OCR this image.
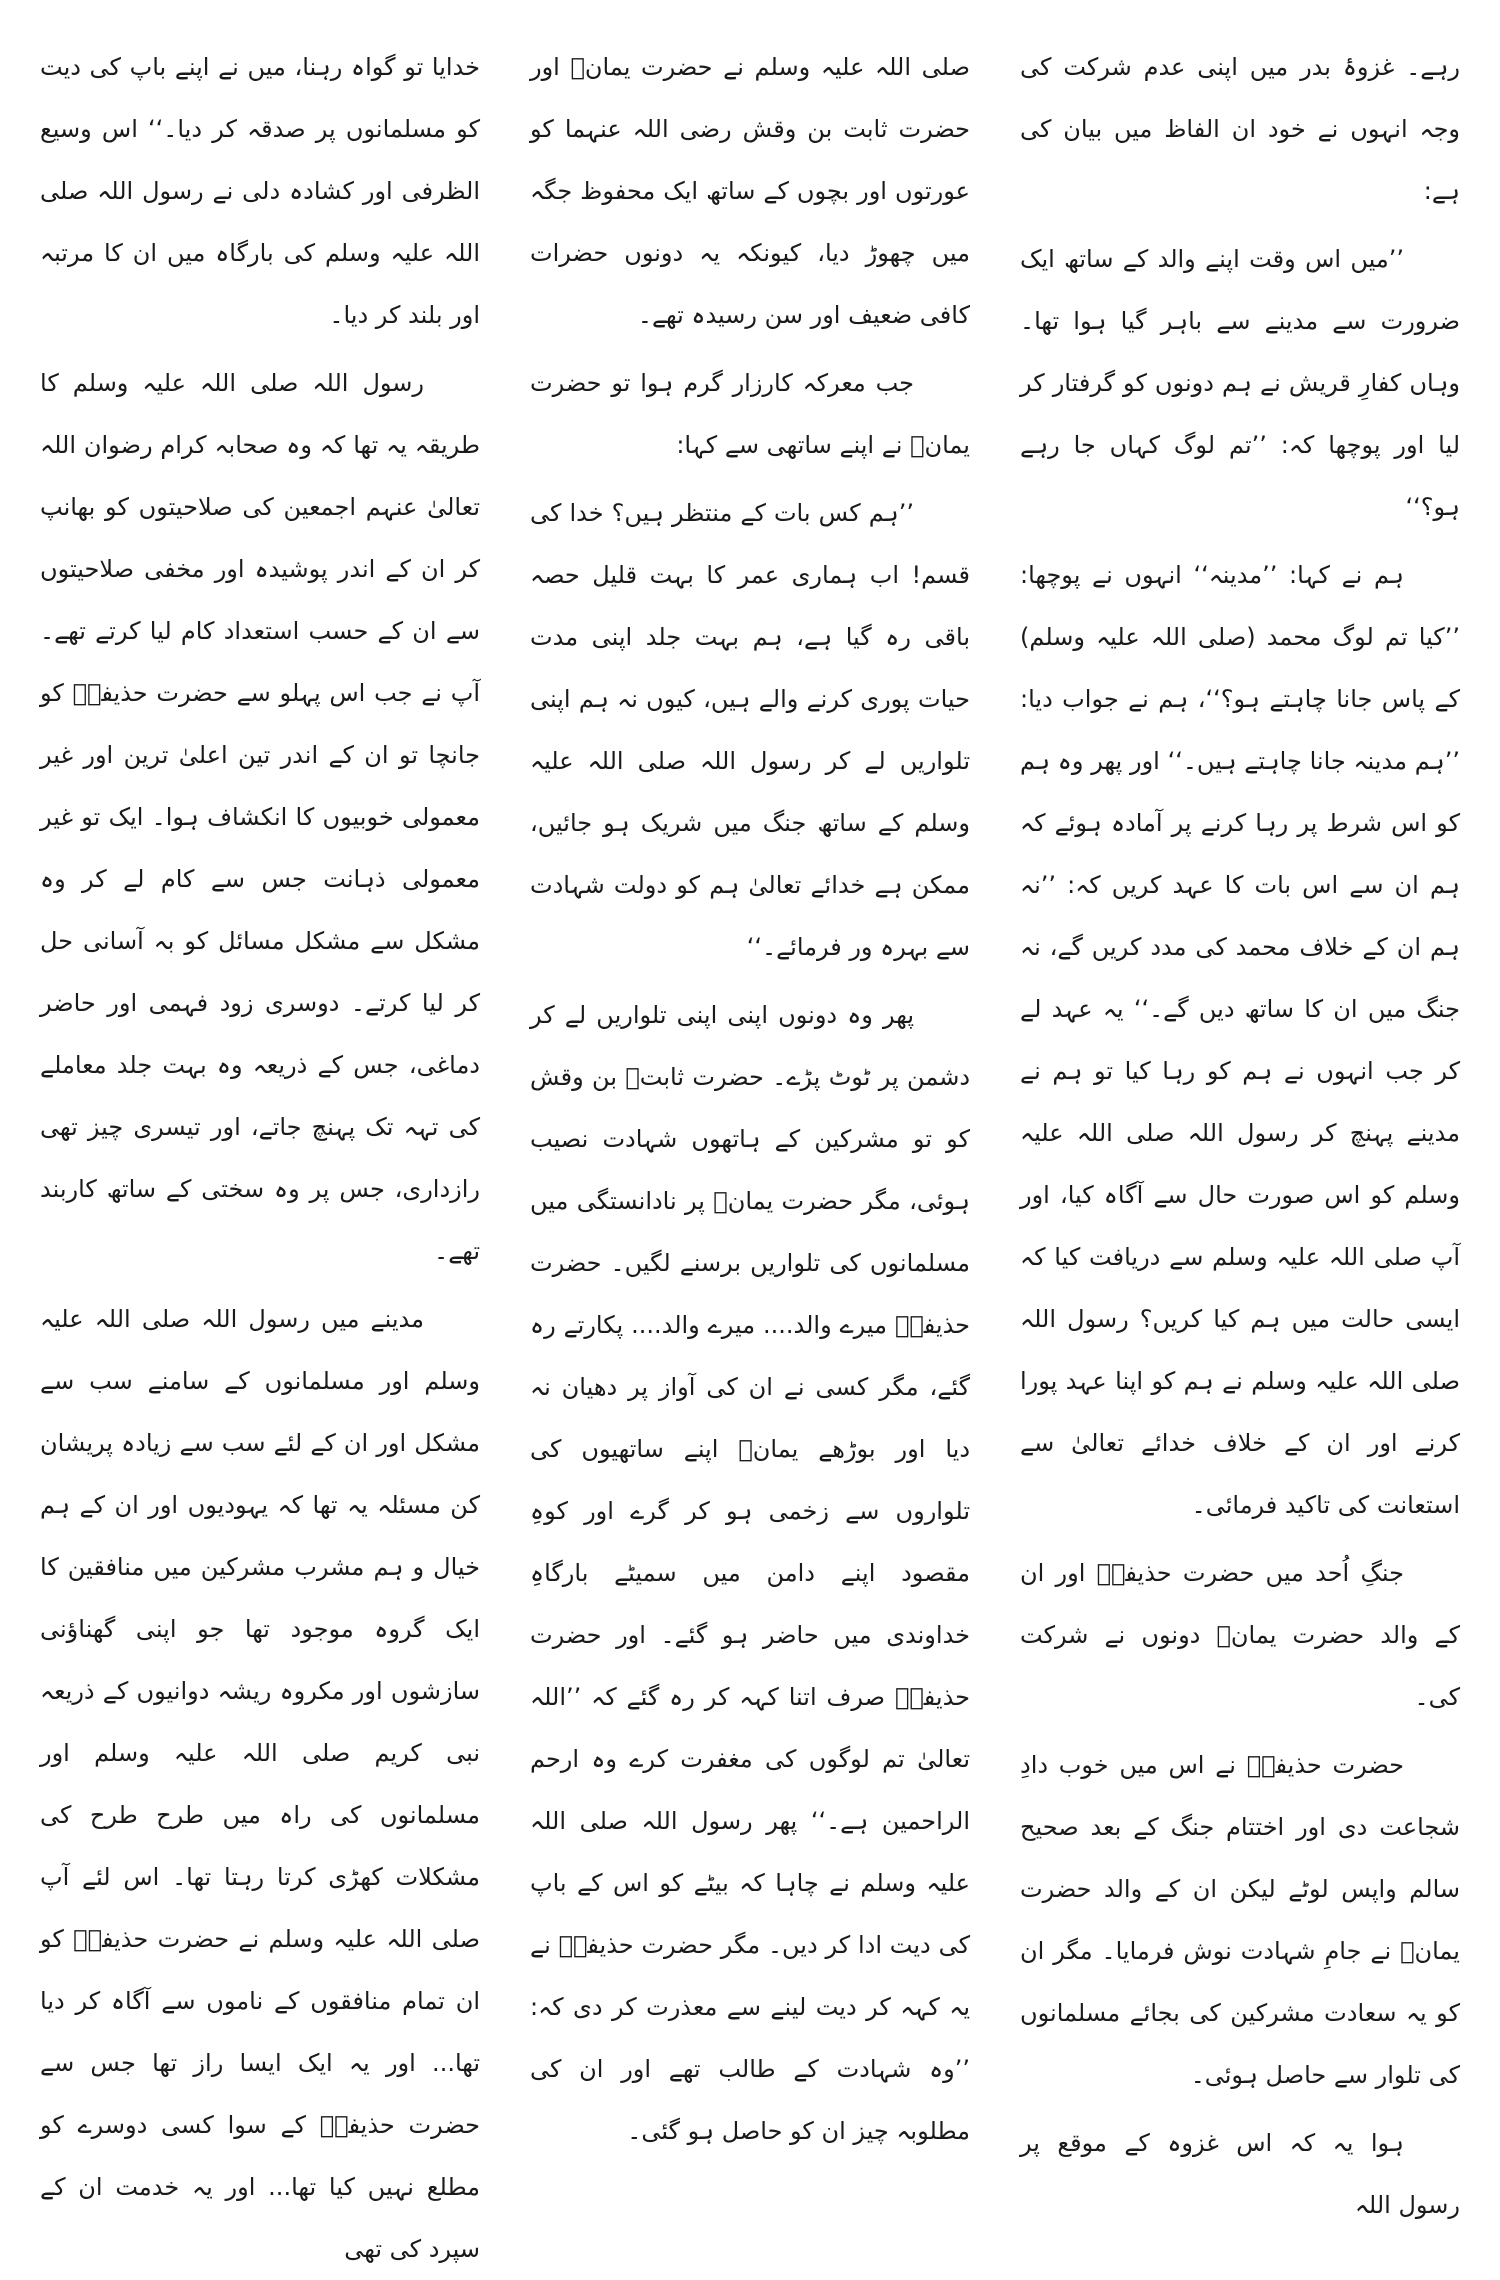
رہے۔ غزوۂ بدر میں اپنی عدم شرکت کی وجہ انہوں نے خود ان الفاظ میں بیان کی ہے:

’’میں اس وقت اپنے والد کے ساتھ ایک ضرورت سے مدینے سے باہر گیا ہوا تھا۔ وہاں کفارِ قریش نے ہم دونوں کو گرفتار کر لیا اور پوچھا کہ: ’’تم لوگ کہاں جا رہے ہو؟‘‘

ہم نے کہا: ’’مدینہ‘‘ انہوں نے پوچھا: ’’کیا تم لوگ محمد (صلی اللہ علیہ وسلم) کے پاس جانا چاہتے ہو؟‘‘، ہم نے جواب دیا: ’’ہم مدینہ جانا چاہتے ہیں۔‘‘ اور پھر وہ ہم کو اس شرط پر رہا کرنے پر آمادہ ہوئے کہ ہم ان سے اس بات کا عہد کریں کہ: ’’نہ ہم ان کے خلاف محمد کی مدد کریں گے، نہ جنگ میں ان کا ساتھ دیں گے۔‘‘ یہ عہد لے کر جب انہوں نے ہم کو رہا کیا تو ہم نے مدینے پہنچ کر رسول اللہ صلی اللہ علیہ وسلم کو اس صورت حال سے آگاہ کیا، اور آپ صلی اللہ علیہ وسلم سے دریافت کیا کہ ایسی حالت میں ہم کیا کریں؟ رسول اللہ صلی اللہ علیہ وسلم نے ہم کو اپنا عہد پورا کرنے اور ان کے خلاف خدائے تعالیٰ سے استعانت کی تاکید فرمائی۔

جنگِ اُحد میں حضرت حذیفہؓ اور ان کے والد حضرت یمانؓ دونوں نے شرکت کی۔

حضرت حذیفہؓ نے اس میں خوب دادِ شجاعت دی اور اختتام جنگ کے بعد صحیح سالم واپس لوٹے لیکن ان کے والد حضرت یمانؓ نے جامِ شہادت نوش فرمایا۔ مگر ان کو یہ سعادت مشرکین کی بجائے مسلمانوں کی تلوار سے حاصل ہوئی۔

ہوا یہ کہ اس غزوہ کے موقع پر رسول اللہ

صلی اللہ علیہ وسلم نے حضرت یمانؓ اور حضرت ثابت بن وقش رضی اللہ عنہما کو عورتوں اور بچوں کے ساتھ ایک محفوظ جگہ میں چھوڑ دیا، کیونکہ یہ دونوں حضرات کافی ضعیف اور سن رسیدہ تھے۔

جب معرکہ کارزار گرم ہوا تو حضرت یمانؓ نے اپنے ساتھی سے کہا:

’’ہم کس بات کے منتظر ہیں؟ خدا کی قسم! اب ہماری عمر کا بہت قلیل حصہ باقی رہ گیا ہے، ہم بہت جلد اپنی مدت حیات پوری کرنے والے ہیں، کیوں نہ ہم اپنی تلواریں لے کر رسول اللہ صلی اللہ علیہ وسلم کے ساتھ جنگ میں شریک ہو جائیں، ممکن ہے خدائے تعالیٰ ہم کو دولت شہادت سے بہرہ ور فرمائے۔‘‘

پھر وہ دونوں اپنی اپنی تلواریں لے کر دشمن پر ٹوٹ پڑے۔ حضرت ثابتؓ بن وقش کو تو مشرکین کے ہاتھوں شہادت نصیب ہوئی، مگر حضرت یمانؓ پر نادانستگی میں مسلمانوں کی تلواریں برسنے لگیں۔ حضرت حذیفہؓ میرے والد.... میرے والد.... پکارتے رہ گئے، مگر کسی نے ان کی آواز پر دھیان نہ دیا اور بوڑھے یمانؓ اپنے ساتھیوں کی تلواروں سے زخمی ہو کر گرے اور کوہِ مقصود اپنے دامن میں سمیٹے بارگاہِ خداوندی میں حاضر ہو گئے۔ اور حضرت حذیفہؓ صرف اتنا کہہ کر رہ گئے کہ ’’اللہ تعالیٰ تم لوگوں کی مغفرت کرے وہ ارحم الراحمین ہے۔‘‘ پھر رسول اللہ صلی اللہ علیہ وسلم نے چاہا کہ بیٹے کو اس کے باپ کی دیت ادا کر دیں۔ مگر حضرت حذیفہؓ نے یہ کہہ کر دیت لینے سے معذرت کر دی کہ: ’’وہ شہادت کے طالب تھے اور ان کی مطلوبہ چیز ان کو حاصل ہو گئی۔

خدایا تو گواہ رہنا، میں نے اپنے باپ کی دیت کو مسلمانوں پر صدقہ کر دیا۔‘‘ اس وسیع الظرفی اور کشادہ دلی نے رسول اللہ صلی اللہ علیہ وسلم کی بارگاہ میں ان کا مرتبہ اور بلند کر دیا۔

رسول اللہ صلی اللہ علیہ وسلم کا طریقہ یہ تھا کہ وہ صحابہ کرام رضوان اللہ تعالیٰ عنہم اجمعین کی صلاحیتوں کو بھانپ کر ان کے اندر پوشیدہ اور مخفی صلاحیتوں سے ان کے حسب استعداد کام لیا کرتے تھے۔ آپ نے جب اس پہلو سے حضرت حذیفہؓ کو جانچا تو ان کے اندر تین اعلیٰ ترین اور غیر معمولی خوبیوں کا انکشاف ہوا۔ ایک تو غیر معمولی ذہانت جس سے کام لے کر وہ مشکل سے مشکل مسائل کو بہ آسانی حل کر لیا کرتے۔ دوسری زود فہمی اور حاضر دماغی، جس کے ذریعہ وہ بہت جلد معاملے کی تہہ تک پہنچ جاتے، اور تیسری چیز تھی رازداری، جس پر وہ سختی کے ساتھ کاربند تھے۔

مدینے میں رسول اللہ صلی اللہ علیہ وسلم اور مسلمانوں کے سامنے سب سے مشکل اور ان کے لئے سب سے زیادہ پریشان کن مسئلہ یہ تھا کہ یہودیوں اور ان کے ہم خیال و ہم مشرب مشرکین میں منافقین کا ایک گروہ موجود تھا جو اپنی گھناؤنی سازشوں اور مکروہ ریشہ دوانیوں کے ذریعہ نبی کریم صلی اللہ علیہ وسلم اور مسلمانوں کی راہ میں طرح طرح کی مشکلات کھڑی کرتا رہتا تھا۔ اس لئے آپ صلی اللہ علیہ وسلم نے حضرت حذیفہؓ کو ان تمام منافقوں کے ناموں سے آگاہ کر دیا تھا... اور یہ ایک ایسا راز تھا جس سے حضرت حذیفہؓ کے سوا کسی دوسرے کو مطلع نہیں کیا تھا... اور یہ خدمت ان کے سپرد کی تھی
